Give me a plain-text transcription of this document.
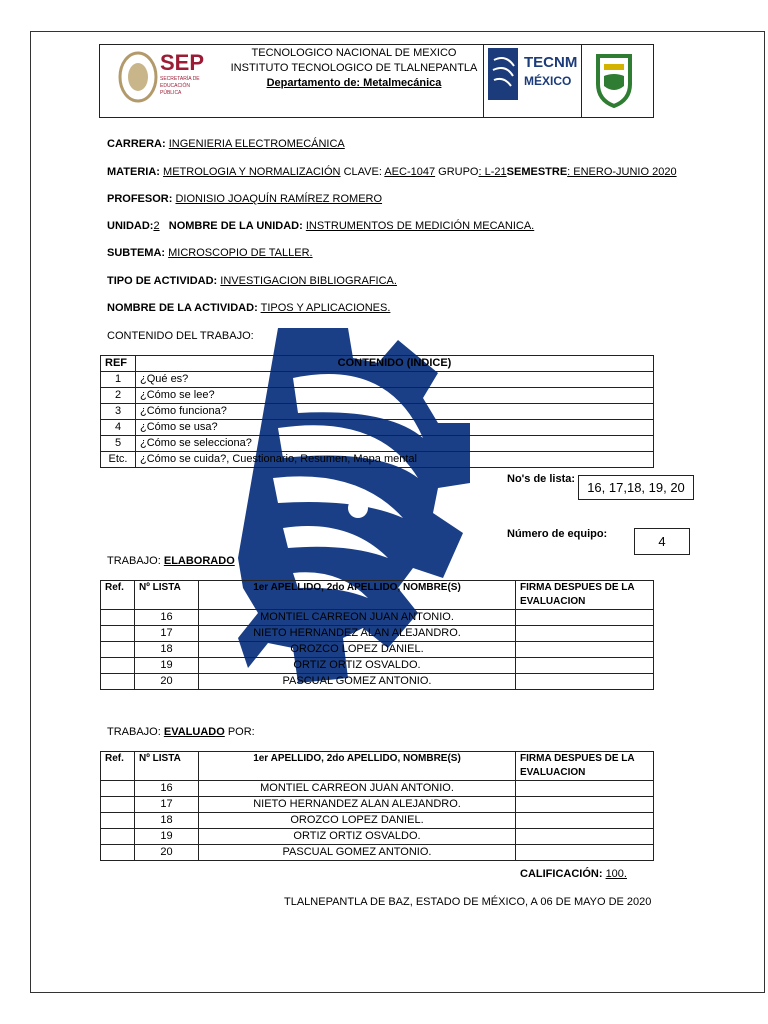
SEP
SECRETARÍA DE EDUCACIÓN PÚBLICA
TECNOLOGICO NACIONAL DE MEXICO
INSTITUTO TECNOLOGICO DE TLALNEPANTLA
Departamento de: Metalmecánica
TECNM
MÉXICO
CARRERA: INGENIERIA ELECTROMECÁNICA
MATERIA: METROLOGIA Y NORMALIZACIÓN CLAVE: AEC-1047 GRUPO: L-21SEMESTRE: ENERO-JUNIO 2020
PROFESOR: DIONISIO JOAQUÍN RAMÍREZ ROMERO
UNIDAD:2 NOMBRE DE LA UNIDAD: INSTRUMENTOS DE MEDICIÓN MECANICA.
SUBTEMA: MICROSCOPIO DE TALLER.
TIPO DE ACTIVIDAD: INVESTIGACION BIBLIOGRAFICA.
NOMBRE DE LA ACTIVIDAD: TIPOS Y APLICACIONES.
CONTENIDO DEL TRABAJO:
REF	CONTENIDO (INDICE)
1	¿Qué es?
2	¿Cómo se lee?
3	¿Cómo funciona?
4	¿Cómo se usa?
5	¿Cómo se selecciona?
Etc.	¿Cómo se cuida?, Cuestionario, Resumen, Mapa mental
No's de lista:
16, 17,18, 19, 20
Número de equipo:	4
TRABAJO: ELABORADO
Ref.	Nº LISTA	1er APELLIDO, 2do APELLIDO, NOMBRE(S)	FIRMA DESPUES DE LA EVALUACION
	16	MONTIEL CARREON JUAN ANTONIO.	
	17	NIETO HERNANDEZ ALAN ALEJANDRO.	
	18	OROZCO LOPEZ DANIEL.	
	19	ORTIZ ORTIZ OSVALDO.	
	20	PASCUAL GOMEZ ANTONIO.	
TRABAJO: EVALUADO POR:
Ref.	Nº LISTA	1er APELLIDO, 2do APELLIDO, NOMBRE(S)	FIRMA DESPUES DE LA EVALUACION
	16	MONTIEL CARREON JUAN ANTONIO.	
	17	NIETO HERNANDEZ ALAN ALEJANDRO.	
	18	OROZCO LOPEZ DANIEL.	
	19	ORTIZ ORTIZ OSVALDO.	
	20	PASCUAL GOMEZ ANTONIO.	
CALIFICACIÓN: 100.
TLALNEPANTLA DE BAZ, ESTADO DE MÉXICO, A 06 DE MAYO DE 2020
